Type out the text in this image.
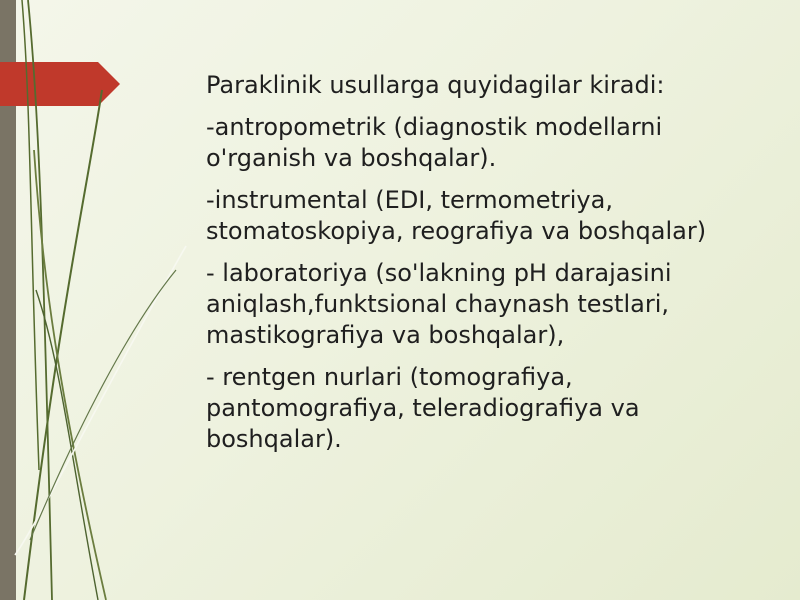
Paraklinik usullarga quyidagilar kiradi:
-antropometrik (diagnostik modellarni
o'rganish va boshqalar).
-instrumental (EDI, termometriya,
stomatoskopiya, reografiya va boshqalar)
- laboratoriya (so'lakning pH darajasini
aniqlash,funktsional chaynash testlari,
mastikografiya va boshqalar),
- rentgen nurlari (tomografiya,
pantomografiya, teleradiografiya va
boshqalar).
